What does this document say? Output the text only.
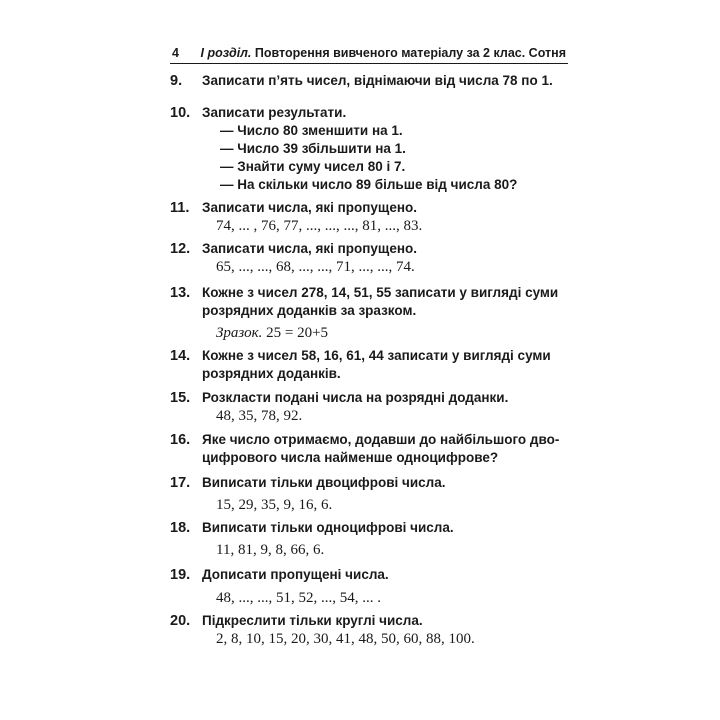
4 I розділ. Повторення вивченого матеріалу за 2 клас. Сотня
9. Записати п’ять чисел, віднімаючи від числа 78 по 1.
10. Записати результати.
— Число 80 зменшити на 1.
— Число 39 збільшити на 1.
— Знайти суму чисел 80 і 7.
— На скільки число 89 більше від числа 80?
11. Записати числа, які пропущено.
74, ... , 76, 77, ..., ..., ..., 81, ..., 83.
12. Записати числа, які пропущено.
65, ..., ..., 68, ..., ..., 71, ..., ..., 74.
13. Кожне з чисел 278, 14, 51, 55 записати у вигляді суми
розрядних доданків за зразком.
Зразок. 25 = 20+5
14. Кожне з чисел 58, 16, 61, 44 записати у вигляді суми
розрядних доданків.
15. Розкласти подані числа на розрядні доданки.
48, 35, 78, 92.
16. Яке число отримаємо, додавши до найбільшого дво-
цифрового числа найменше одноцифрове?
17. Виписати тільки двоцифрові числа.
15, 29, 35, 9, 16, 6.
18. Виписати тільки одноцифрові числа.
11, 81, 9, 8, 66, 6.
19. Дописати пропущені числа.
48, ..., ..., 51, 52, ..., 54, ... .
20. Підкреслити тільки круглі числа.
2, 8, 10, 15, 20, 30, 41, 48, 50, 60, 88, 100.
